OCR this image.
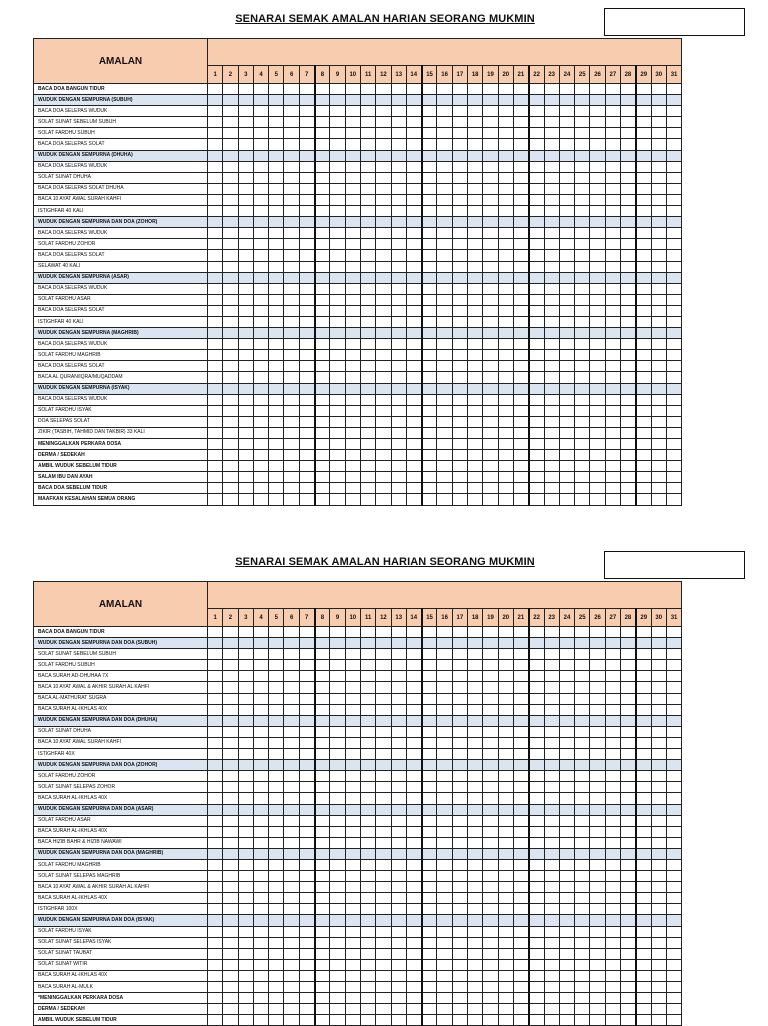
SENARAI SEMAK AMALAN HARIAN SEORANG MUKMIN
AMALAN																															
	1	2	3	4	5	6	7	8	9	10	11	12	13	14	15	16	17	18	19	20	21	22	23	24	25	26	27	28	29	30	31
BACA DOA BANGUN TIDUR																															
WUDUK DENGAN SEMPURNA (SUBUH)																															
BACA DOA SELEPAS WUDUK																															
SOLAT SUNAT SEBELUM SUBUH																															
SOLAT FARDHU SUBUH																															
BACA DOA SELEPAS SOLAT																															
WUDUK DENGAN SEMPURNA (DHUHA)																															
BACA DOA SELEPAS WUDUK																															
SOLAT SUNAT DHUHA																															
BACA DOA SELEPAS SOLAT DHUHA																															
BACA 10 AYAT AWAL SURAH KAHFI																															
ISTIGHFAR 40 KALI																															
WUDUK DENGAN SEMPURNA DAN DOA (ZOHOR)																															
BACA DOA SELEPAS WUDUK																															
SOLAT FARDHU ZOHOR																															
BACA DOA SELEPAS SOLAT																															
SELAWAT 40 KALI																															
WUDUK DENGAN SEMPURNA (ASAR)																															
BACA DOA SELEPAS WUDUK																															
SOLAT FARDHU ASAR																															
BACA DOA SELEPAS SOLAT																															
ISTIGHFAR 40 KALI																															
WUDUK DENGAN SEMPURNA (MAGHRIB)																															
BACA DOA SELEPAS WUDUK																															
SOLAT FARDHU MAGHRIB																															
BACA DOA SELEPAS SOLAT																															
BACA AL QURAN/IQRA/MUQADDAM																															
WUDUK DENGAN SEMPURNA (ISYAK)																															
BACA DOA SELEPAS WUDUK																															
SOLAT FARDHU ISYAK																															
DOA SELEPAS SOLAT																															
ZIKIR (TASBIH, TAHMID DAN TAKBIR) 33 KALI																															
MENINGGALKAN PERKARA DOSA																															
DERMA / SEDEKAH																															
AMBIL WUDUK SEBELUM TIDUR																															
SALAM IBU DAN AYAH																															
BACA DOA SEBELUM TIDUR																															
MAAFKAN KESALAHAN SEMUA ORANG																															
SENARAI SEMAK AMALAN HARIAN SEORANG MUKMIN
AMALAN																															
	1	2	3	4	5	6	7	8	9	10	11	12	13	14	15	16	17	18	19	20	21	22	23	24	25	26	27	28	29	30	31
BACA DOA BANGUN TIDUR																															
WUDUK DENGAN SEMPURNA DAN DOA (SUBUH)																															
SOLAT SUNAT SEBELUM SUBUH																															
SOLAT FARDHU SUBUH																															
BACA SURAH AD-DHUHAA 7X																															
BACA 10 AYAT AWAL & AKHIR SURAH AL KAHFI																															
BACA AL-MATHURAT SUGRA																															
BACA SURAH AL-IKHLAS 40X																															
WUDUK DENGAN SEMPURNA DAN DOA (DHUHA)																															
SOLAT SUNAT DHUHA																															
BACA 10 AYAT AWAL SURAH KAHFI																															
ISTIGHFAR 40X																															
WUDUK DENGAN SEMPURNA DAN DOA (ZOHOR)																															
SOLAT FARDHU ZOHOR																															
SOLAT SUNAT SELEPAS ZOHOR																															
BACA SURAH AL-IKHLAS 40X																															
WUDUK DENGAN SEMPURNA DAN DOA (ASAR)																															
SOLAT FARDHU ASAR																															
BACA SURAH AL-IKHLAS 40X																															
BACA HIZIB BAHR & HIZIB NAWAWI																															
WUDUK DENGAN SEMPURNA DAN DOA (MAGHRIB)																															
SOLAT FARDHU MAGHRIB																															
SOLAT SUNAT SELEPAS MAGHRIB																															
BACA 10 AYAT AWAL & AKHIR SURAH AL KAHFI																															
BACA SURAH AL-IKHLAS 40X																															
ISTIGHFAR 100X																															
WUDUK DENGAN SEMPURNA DAN DOA (ISYAK)																															
SOLAT FARDHU ISYAK																															
SOLAT SUNAT SELEPAS ISYAK																															
SOLAT SUNAT TAUBAT																															
SOLAT SUNAT WITIR																															
BACA SURAH AL-IKHLAS 40X																															
BACA SURAH AL-MULK																															
*MENINGGALKAN PERKARA DOSA																															
DERMA / SEDEKAH																															
AMBIL WUDUK SEBELUM TIDUR																															
